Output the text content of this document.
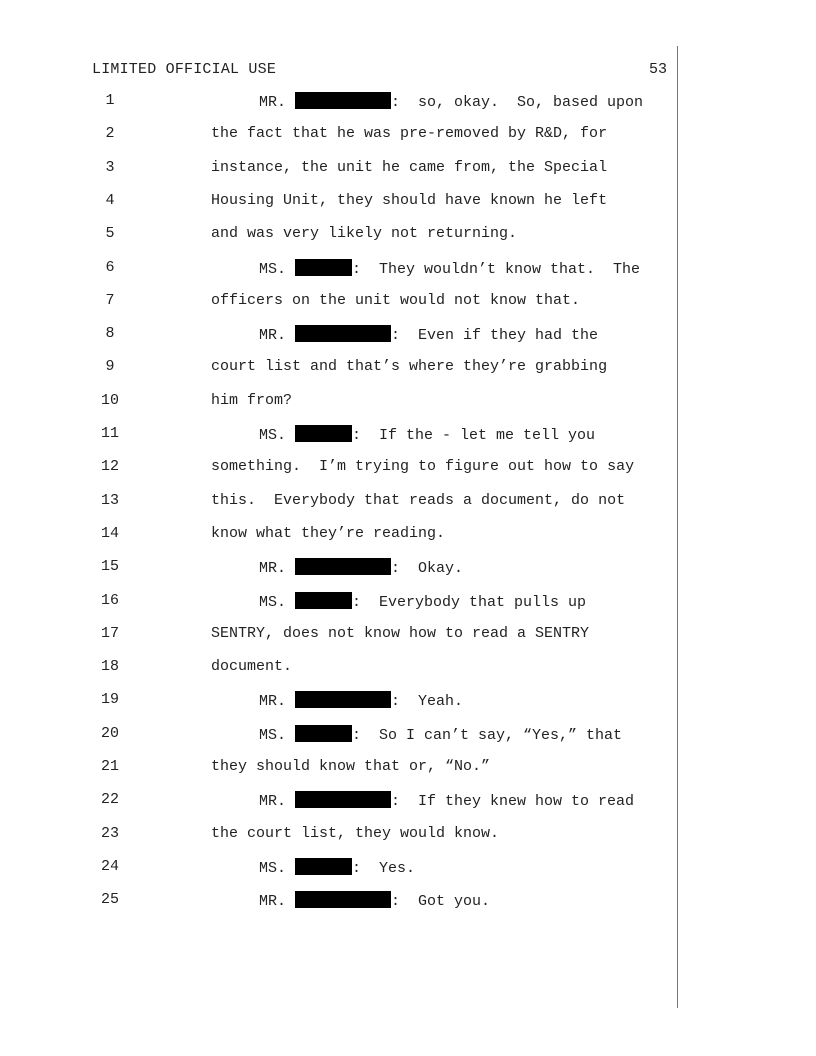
LIMITED OFFICIAL USE	53
1	MR.	:  so, okay.  So, based upon
2	the fact that he was pre-removed by R&D, for
3	instance, the unit he came from, the Special
4	Housing Unit, they should have known he left
5	and was very likely not returning.
6	MS.	:  They wouldn’t know that.  The
7	officers on the unit would not know that.
8	MR.	:  Even if they had the
9	court list and that’s where they’re grabbing
10	him from?
11	MS.	:  If the - let me tell you
12	something.  I’m trying to figure out how to say
13	this.  Everybody that reads a document, do not
14	know what they’re reading.
15	MR.	:  Okay.
16	MS.	:  Everybody that pulls up
17	SENTRY, does not know how to read a SENTRY
18	document.
19	MR.	:  Yeah.
20	MS.	:  So I can’t say, “Yes,” that
21	they should know that or, “No.”
22	MR.	:  If they knew how to read
23	the court list, they would know.
24	MS.	:  Yes.
25	MR.	:  Got you.
